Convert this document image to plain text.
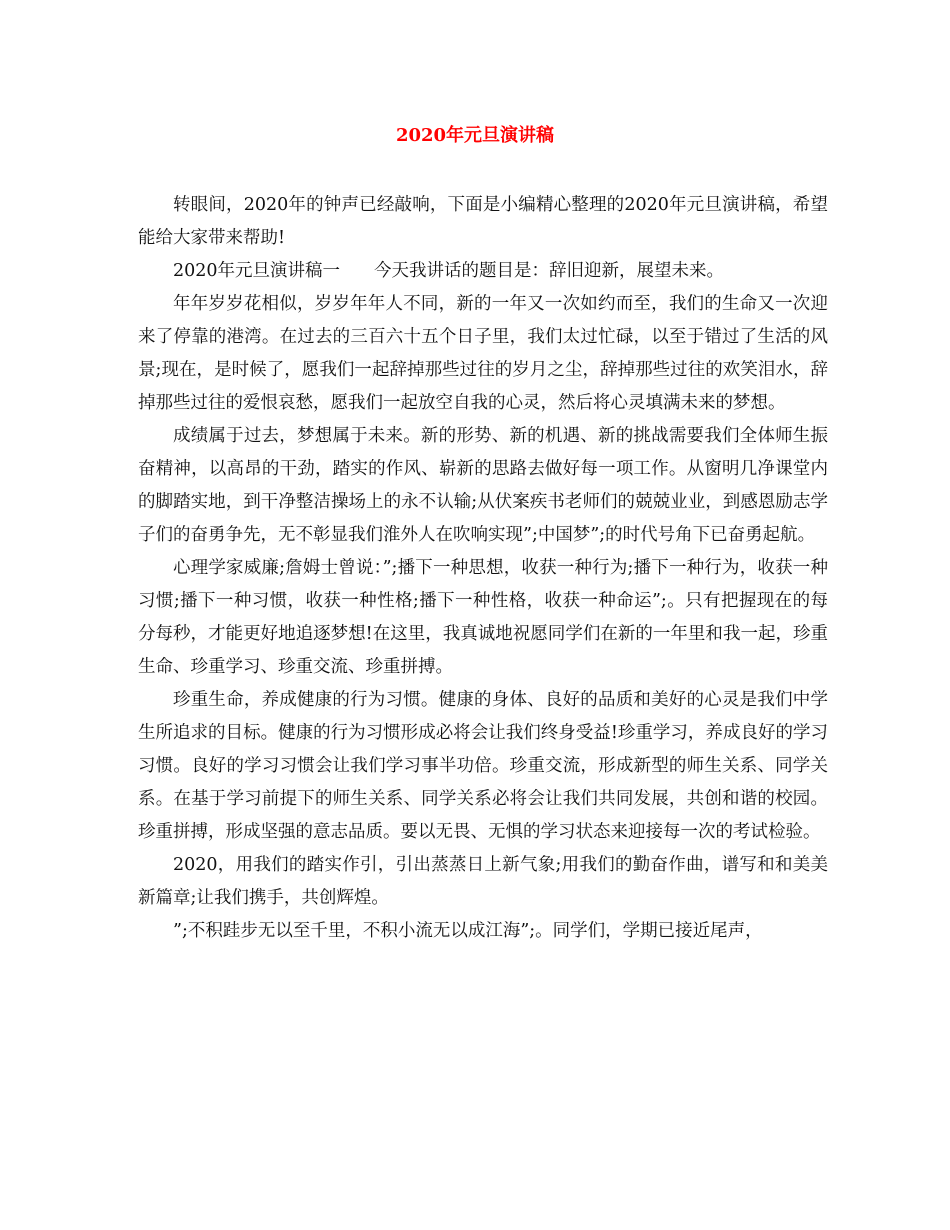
2020年元旦演讲稿

转眼间，2020年的钟声已经敲响，下面是小编精心整理的2020年元旦演讲稿，希望能给大家带来帮助!

2020年元旦演讲稿一 今天我讲话的题目是：辞旧迎新，展望未来。

年年岁岁花相似，岁岁年年人不同，新的一年又一次如约而至，我们的生命又一次迎来了停靠的港湾。在过去的三百六十五个日子里，我们太过忙碌，以至于错过了生活的风景;现在，是时候了，愿我们一起辞掉那些过往的岁月之尘，辞掉那些过往的欢笑泪水，辞掉那些过往的爱恨哀愁，愿我们一起放空自我的心灵，然后将心灵填满未来的梦想。

成绩属于过去，梦想属于未来。新的形势、新的机遇、新的挑战需要我们全体师生振奋精神，以高昂的干劲，踏实的作风、崭新的思路去做好每一项工作。从窗明几净课堂内的脚踏实地，到干净整洁操场上的永不认输;从伏案疾书老师们的兢兢业业，到感恩励志学子们的奋勇争先，无不彰显我们淮外人在吹响实现”;中国梦”;的时代号角下已奋勇起航。

心理学家威廉;詹姆士曾说：”;播下一种思想，收获一种行为;播下一种行为，收获一种习惯;播下一种习惯，收获一种性格;播下一种性格，收获一种命运”;。只有把握现在的每分每秒，才能更好地追逐梦想!在这里，我真诚地祝愿同学们在新的一年里和我一起，珍重生命、珍重学习、珍重交流、珍重拼搏。

珍重生命，养成健康的行为习惯。健康的身体、良好的品质和美好的心灵是我们中学生所追求的目标。健康的行为习惯形成必将会让我们终身受益!珍重学习，养成良好的学习习惯。良好的学习习惯会让我们学习事半功倍。珍重交流，形成新型的师生关系、同学关系。在基于学习前提下的师生关系、同学关系必将会让我们共同发展，共创和谐的校园。珍重拼搏，形成坚强的意志品质。要以无畏、无惧的学习状态来迎接每一次的考试检验。

2020，用我们的踏实作引，引出蒸蒸日上新气象;用我们的勤奋作曲，谱写和和美美新篇章;让我们携手，共创辉煌。

”;不积跬步无以至千里，不积小流无以成江海”;。同学们，学期已接近尾声，
